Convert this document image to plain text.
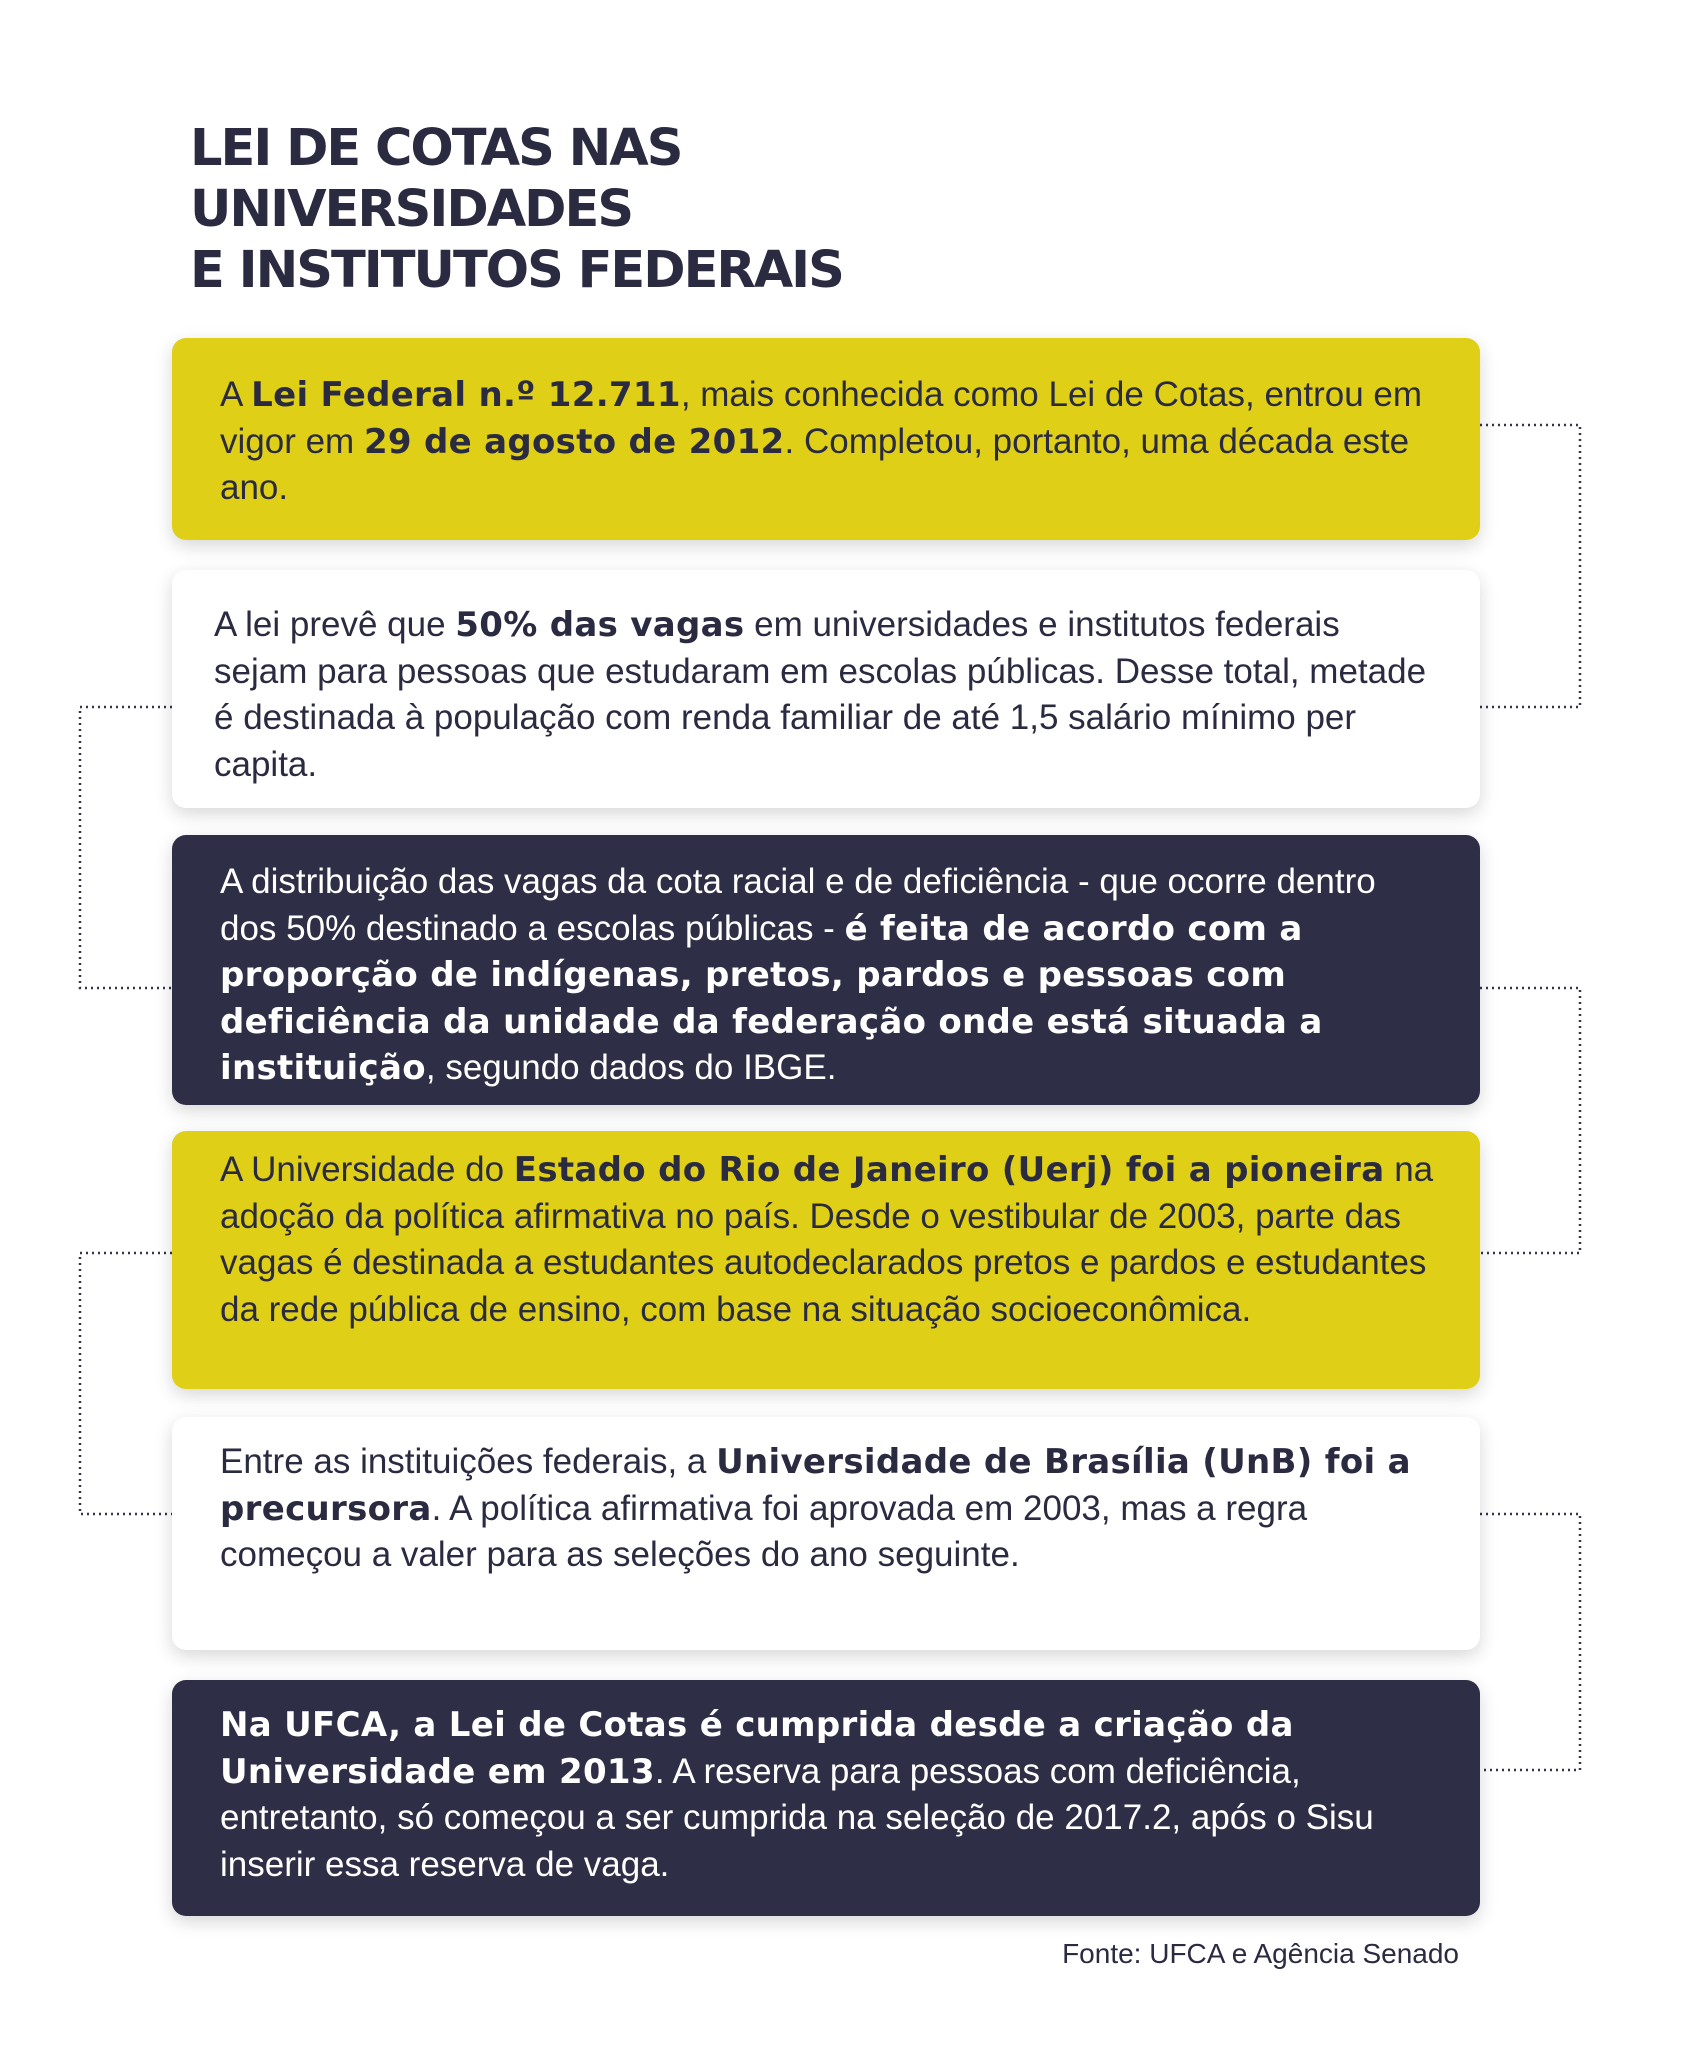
LEI DE COTAS NAS
UNIVERSIDADES
E INSTITUTOS FEDERAIS

A Lei Federal n.º 12.711, mais conhecida como Lei de Cotas, entrou em vigor em 29 de agosto de 2012. Completou, portanto, uma década este ano.

A lei prevê que 50% das vagas em universidades e institutos federais sejam para pessoas que estudaram em escolas públicas. Desse total, metade é destinada à população com renda familiar de até 1,5 salário mínimo per capita.

A distribuição das vagas da cota racial e de deficiência - que ocorre dentro dos 50% destinado a escolas públicas - é feita de acordo com a proporção de indígenas, pretos, pardos e pessoas com deficiência da unidade da federação onde está situada a instituição, segundo dados do IBGE.

A Universidade do Estado do Rio de Janeiro (Uerj) foi a pioneira na adoção da política afirmativa no país. Desde o vestibular de 2003, parte das vagas é destinada a estudantes autodeclarados pretos e pardos e estudantes da rede pública de ensino, com base na situação socioeconômica.

Entre as instituições federais, a Universidade de Brasília (UnB) foi a precursora. A política afirmativa foi aprovada em 2003, mas a regra começou a valer para as seleções do ano seguinte.

Na UFCA, a Lei de Cotas é cumprida desde a criação da Universidade em 2013. A reserva para pessoas com deficiência, entretanto, só começou a ser cumprida na seleção de 2017.2, após o Sisu inserir essa reserva de vaga.

Fonte: UFCA e Agência Senado
